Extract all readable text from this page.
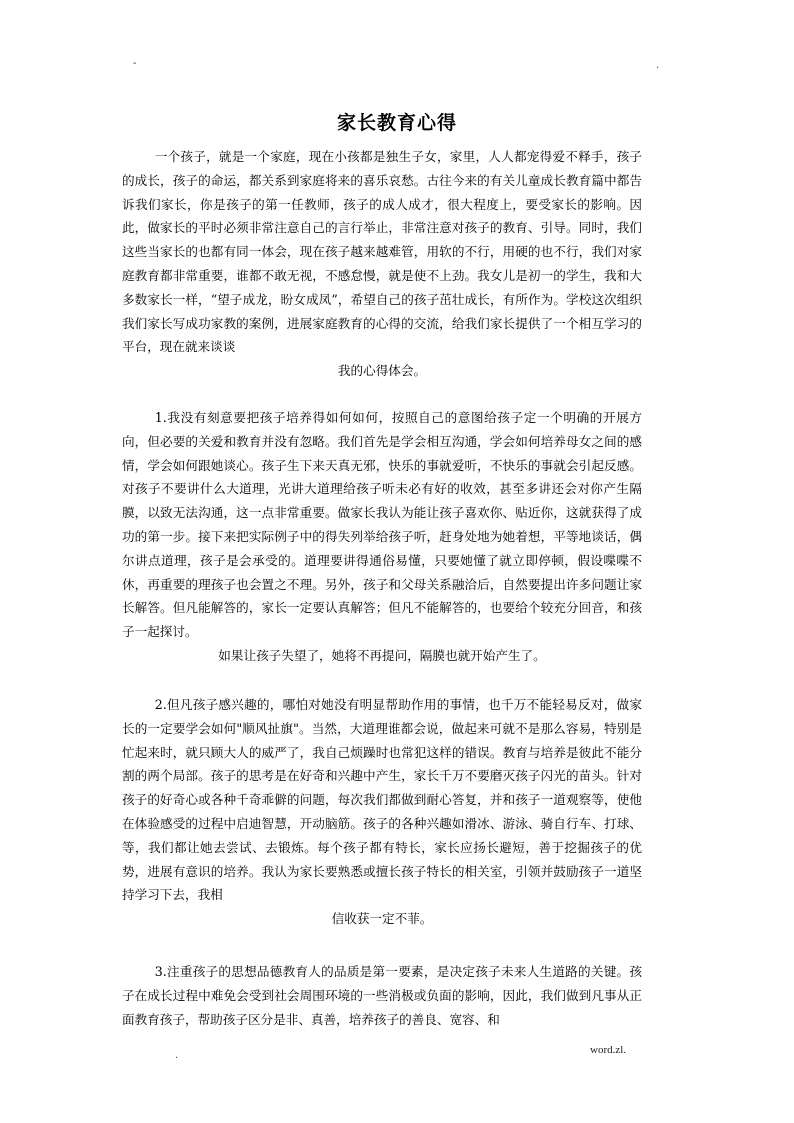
-	.
家长教育心得

一个孩子，就是一个家庭，现在小孩都是独生子女，家里，人人都宠得爱不释手，孩子的成长，孩子的命运，都关系到家庭将来的喜乐哀愁。古往今来的有关儿童成长教育篇中都告诉我们家长，你是孩子的第一任教师，孩子的成人成才，很大程度上，要受家长的影响。因此，做家长的平时必须非常注意自己的言行举止，非常注意对孩子的教育、引导。同时，我们这些当家长的也都有同一体会，现在孩子越来越难管，用软的不行，用硬的也不行，我们对家庭教育都非常重要，谁都不敢无视，不感怠慢，就是使不上劲。我女儿是初一的学生，我和大多数家长一样，“望子成龙，盼女成凤”，希望自己的孩子茁壮成长，有所作为。学校这次组织我们家长写成功家教的案例，进展家庭教育的心得的交流，给我们家长提供了一个相互学习的平台，现在就来谈谈

我的心得体会。

1.我没有刻意要把孩子培养得如何如何，按照自己的意图给孩子定一个明确的开展方向，但必要的关爱和教育并没有忽略。我们首先是学会相互沟通，学会如何培养母女之间的感情，学会如何跟她谈心。孩子生下来天真无邪，快乐的事就爱听，不快乐的事就会引起反感。对孩子不要讲什么大道理，光讲大道理给孩子听未必有好的收效，甚至多讲还会对你产生隔膜，以致无法沟通，这一点非常重要。做家长我认为能让孩子喜欢你、贴近你，这就获得了成功的第一步。接下来把实际例子中的得失列举给孩子听，赶身处地为她着想，平等地谈话，偶尔讲点道理，孩子是会承受的。道理要讲得通俗易懂，只要她懂了就立即停顿，假设喋喋不休，再重要的理孩子也会置之不理。另外，孩子和父母关系融洽后，自然要提出许多问题让家长解答。但凡能解答的，家长一定要认真解答；但凡不能解答的，也要给个较充分回音，和孩子一起探讨。

如果让孩子失望了，她将不再提问，隔膜也就开始产生了。

2.但凡孩子感兴趣的，哪怕对她没有明显帮助作用的事情，也千万不能轻易反对，做家长的一定要学会如何"顺风扯旗"。当然，大道理谁都会说，做起来可就不是那么容易，特别是忙起来时，就只顾大人的威严了，我自己烦躁时也常犯这样的错误。教育与培养是彼此不能分割的两个局部。孩子的思考是在好奇和兴趣中产生，家长千万不要磨灭孩子闪光的苗头。针对孩子的好奇心或各种千奇乖僻的问题，每次我们都做到耐心答复，并和孩子一道观察等，使他在体验感受的过程中启迪智慧，开动脑筋。孩子的各种兴趣如滑冰、游泳、骑自行车、打球、等，我们都让她去尝试、去锻炼。每个孩子都有特长，家长应扬长避短，善于挖掘孩子的优势，进展有意识的培养。我认为家长要熟悉或擅长孩子特长的相关室，引领并鼓励孩子一道坚持学习下去，我相

信收获一定不菲。

3.注重孩子的思想品德教育人的品质是第一要素，是决定孩子未来人生道路的关键。孩子在成长过程中难免会受到社会周围环境的一些消极或负面的影响，因此，我们做到凡事从正面教育孩子，帮助孩子区分是非、真善，培养孩子的善良、宽容、和

.	word.zl.
